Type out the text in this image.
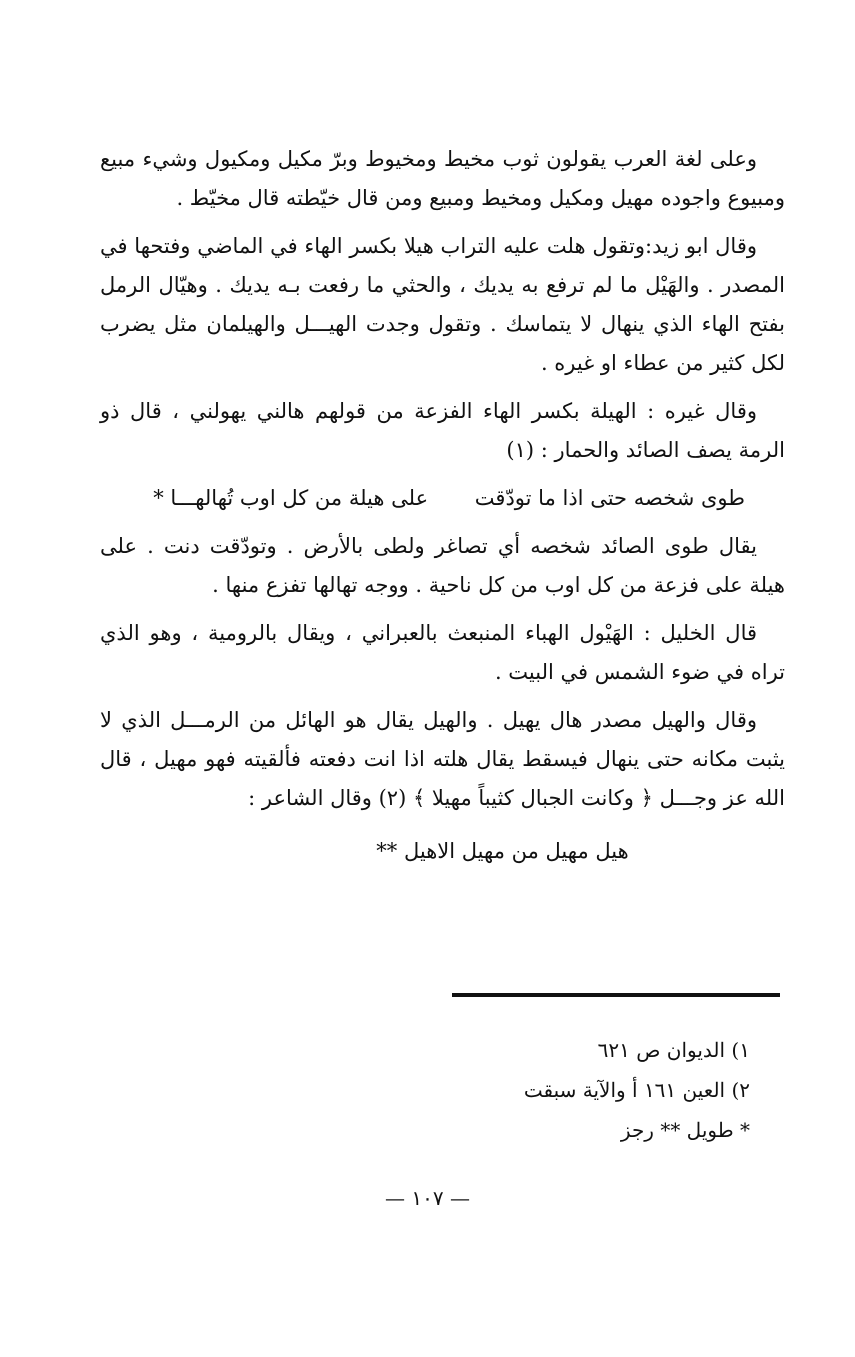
وعلى لغة العرب يقولون ثوب مخيط ومخيوط وبرّ مكيل ومكيول وشيء مبيع ومبيوع واجوده مهيل ومكيل ومخيط ومبيع ومن قال خيّطته قال مخيّط .

وقال ابو زيد:وتقول هلت عليه التراب هيلا بكسر الهاء في الماضي وفتحها في المصدر . والهَيْل ما لم ترفع به يديك ، والحثي ما رفعت بـه يديك . وهيّال الرمل بفتح الهاء الذي ينهال لا يتماسك . وتقول وجدت الهيـــل والهيلمان مثل يضرب لكل كثير من عطاء او غيره .

وقال غيره : الهيلة بكسر الهاء الفزعة من قولهم هالني يهولني ، قال ذو الرمة يصف الصائد والحمار : (١)

طوى شخصه حتى اذا ما تودّقت على هيلة من كل اوب تُهالهـــا *

يقال طوى الصائد شخصه أي تصاغر ولطى بالأرض . وتودّقت دنت . على هيلة على فزعة من كل اوب من كل ناحية . ووجه تهالها تفزع منها .

قال الخليل : الهَيْول الهباء المنبعث بالعبراني ، ويقال بالرومية ، وهو الذي تراه في ضوء الشمس في البيت .

وقال والهيل مصدر هال يهيل . والهيل يقال هو الهائل من الرمـــل الذي لا يثبت مكانه حتى ينهال فيسقط يقال هلته اذا انت دفعته فألقيته فهو مهيل ، قال الله عز وجـــل ﴿ وكانت الجبال كثيباً مهيلا ﴾ (٢) وقال الشاعر :

هيل مهيل من مهيل الاهيل **
١) الديوان ص ٦٢١
٢) العين ١٦١ أ والآية سبقت
* طويل ** رجز
— ١٠٧ —
